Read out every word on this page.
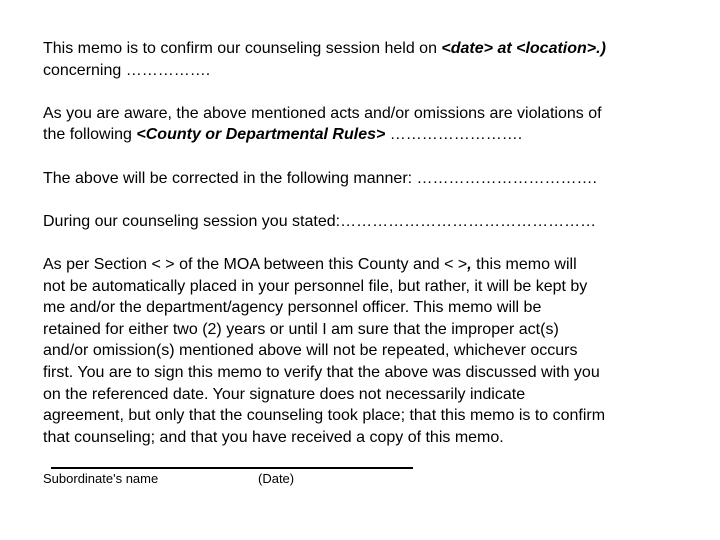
This memo is to confirm our counseling session held on <date> at <location>.)
concerning …………….

As you are aware, the above mentioned acts and/or omissions are violations of
the following <County or Departmental Rules> …………………….

The above will be corrected in the following manner: …………………………….

During our counseling session you stated:…………………………………………

As per Section < > of the MOA between this County and < >, this memo will
not be automatically placed in your personnel file, but rather, it will be kept by
me and/or the department/agency personnel officer. This memo will be
retained for either two (2) years or until I am sure that the improper act(s)
and/or omission(s) mentioned above will not be repeated, whichever occurs
first. You are to sign this memo to verify that the above was discussed with you
on the referenced date. Your signature does not necessarily indicate
agreement, but only that the counseling took place; that this memo is to confirm
that counseling; and that you have received a copy of this memo.

Subordinate's name	(Date)
